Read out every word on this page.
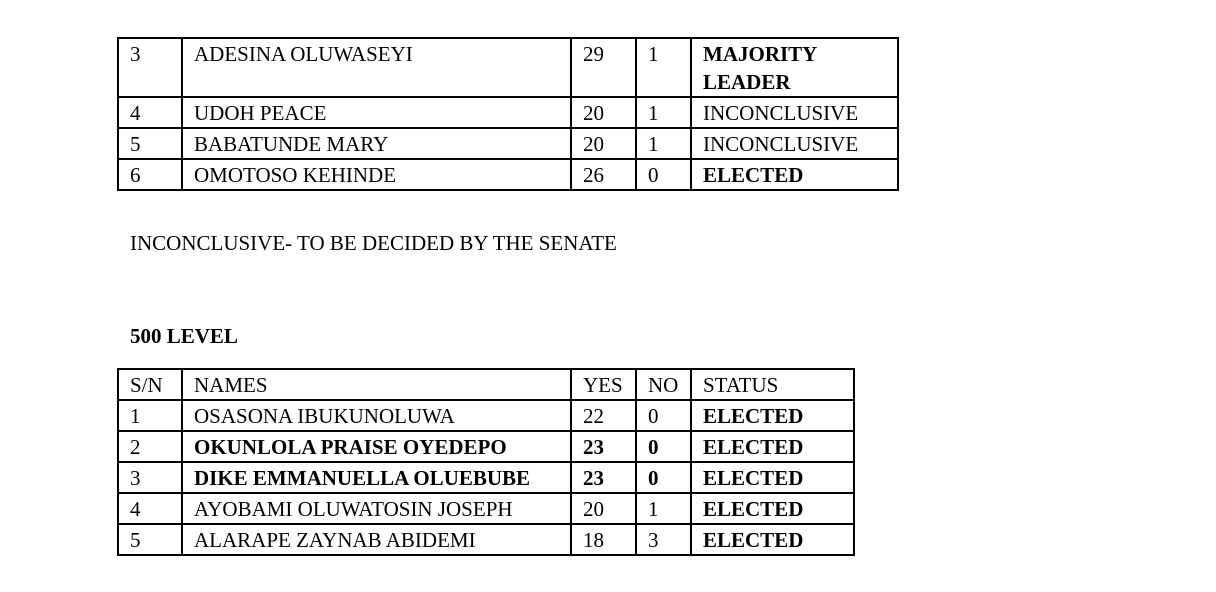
3	ADESINA OLUWASEYI	29	1	MAJORITY LEADER
4	UDOH PEACE	20	1	INCONCLUSIVE
5	BABATUNDE MARY	20	1	INCONCLUSIVE
6	OMOTOSO KEHINDE	26	0	ELECTED
INCONCLUSIVE- TO BE DECIDED BY THE SENATE
500 LEVEL
S/N	NAMES	YES	NO	STATUS
1	OSASONA IBUKUNOLUWA	22	0	ELECTED
2	OKUNLOLA PRAISE OYEDEPO	23	0	ELECTED
3	DIKE EMMANUELLA OLUEBUBE	23	0	ELECTED
4	AYOBAMI OLUWATOSIN JOSEPH	20	1	ELECTED
5	ALARAPE ZAYNAB ABIDEMI	18	3	ELECTED
